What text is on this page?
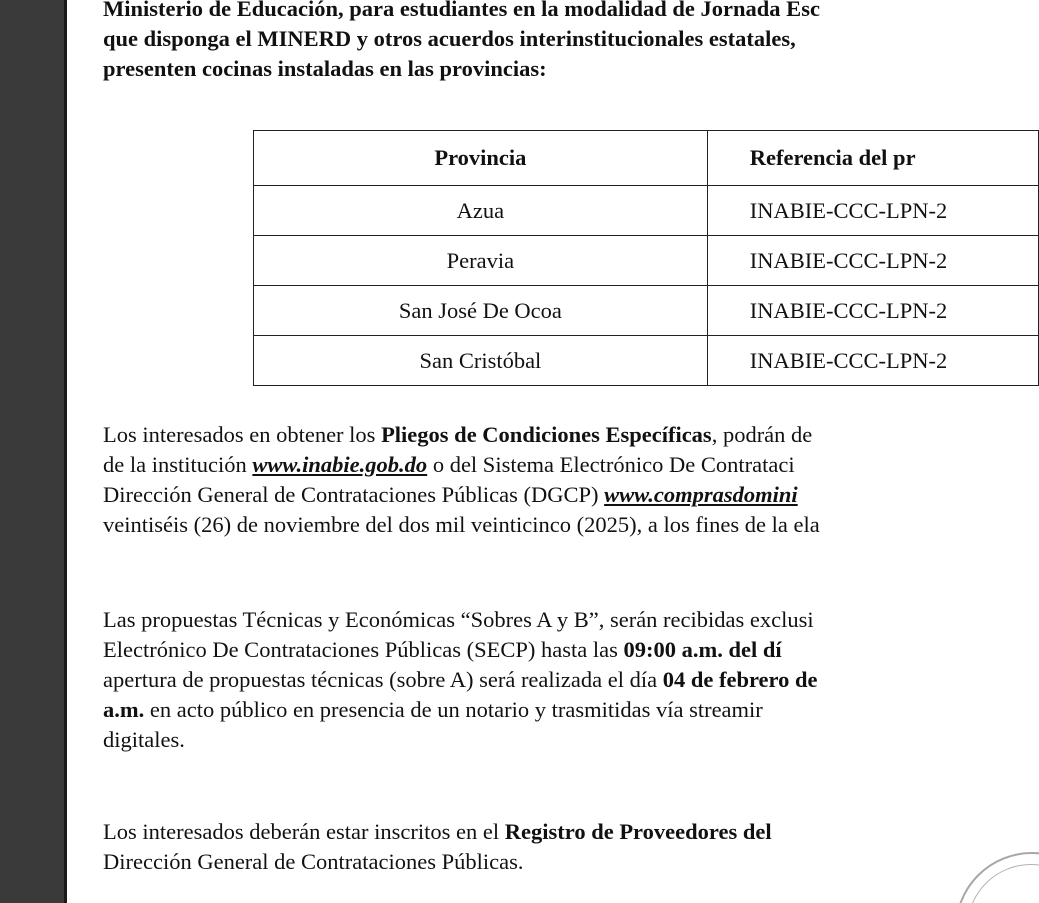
Ministerio de Educación, para estudiantes en la modalidad de Jornada Esc
que disponga el MINERD y otros acuerdos interinstitucionales estatales,
presenten cocinas instaladas en las provincias:
Provincia	Referencia del pr
Azua	INABIE-CCC-LPN-2
Peravia	INABIE-CCC-LPN-2
San José De Ocoa	INABIE-CCC-LPN-2
San Cristóbal	INABIE-CCC-LPN-2
Los interesados en obtener los Pliegos de Condiciones Específicas, podrán de
de la institución www.inabie.gob.do o del Sistema Electrónico De Contrataci
Dirección General de Contrataciones Públicas (DGCP) www.comprasdomini
veintiséis (26) de noviembre del dos mil veinticinco (2025), a los fines de la ela
Las propuestas Técnicas y Económicas “Sobres A y B”, serán recibidas exclusi
Electrónico De Contrataciones Públicas (SECP) hasta las 09:00 a.m. del dí
apertura de propuestas técnicas (sobre A) será realizada el día 04 de febrero de
a.m. en acto público en presencia de un notario y trasmitidas vía streamir
digitales.
Los interesados deberán estar inscritos en el Registro de Proveedores del
Dirección General de Contrataciones Públicas.
